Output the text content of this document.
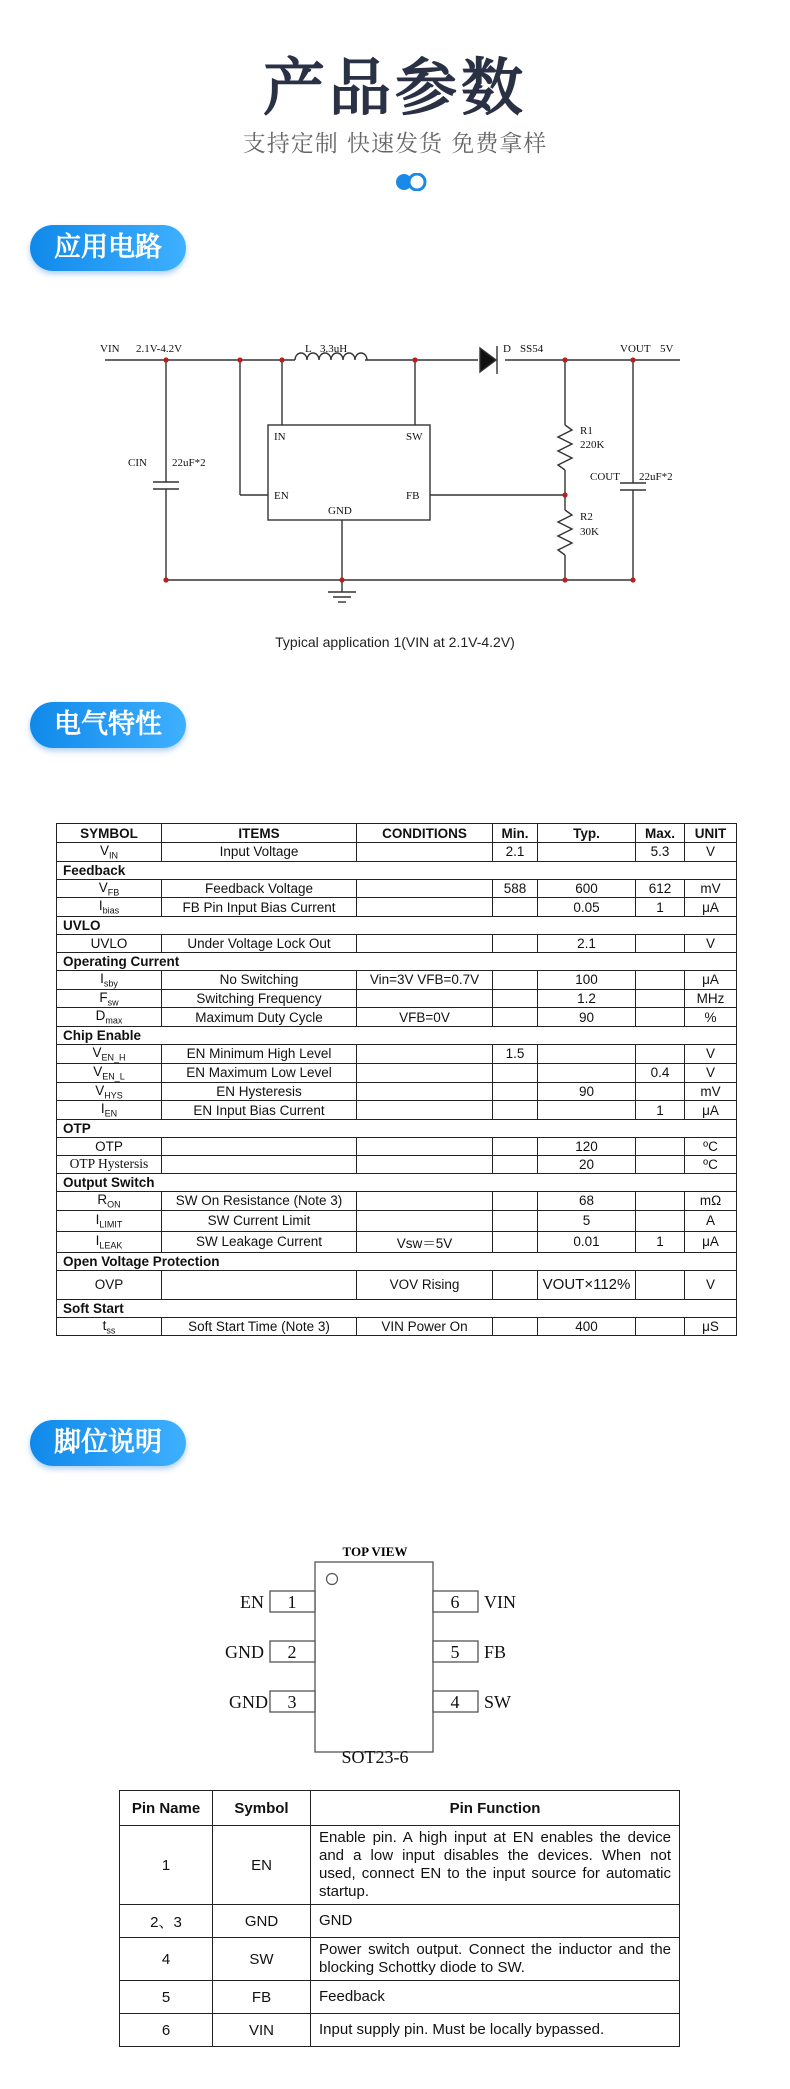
产品参数
支持定制 快速发货 免费拿样
应用电路
VIN 2.1V-4.2V	L 3.3uH	D SS54	VOUT 5V
IN	SW
EN	FB
GND
CIN 22uF*2
R1
220K
R2
30K
COUT 22uF*2
Typical application 1(VIN at 2.1V-4.2V)
电气特性
SYMBOL	ITEMS	CONDITIONS	Min.	Typ.	Max.	UNIT
$V_{IN}$	Input Voltage		2.1		5.3	V
Feedback						
$V_{FB}$	Feedback Voltage		588	600	612	mV
$I_{bias}$	FB Pin Input Bias Current			0.05	1	μA
UVLO						
UVLO	Under Voltage Lock Out			2.1		V
Operating Current						
$I_{sby}$	No Switching	Vin=3V VFB=0.7V		100		μA
$F_{sw}$	Switching Frequency			1.2		MHz
$D_{max}$	Maximum Duty Cycle	VFB=0V		90		%
Chip Enable						
$V_{EN\_H}$	EN Minimum High Level		1.5			V
$V_{EN\_L}$	EN Maximum Low Level				0.4	V
$V_{HYS}$	EN Hysteresis			90		mV
$I_{EN}$	EN Input Bias Current				1	μA
OTP						
OTP				120		ºC
OTP Hystersis				20		ºC
Output Switch						
$R_{ON}$	SW On Resistance (Note 3)			68		mΩ
$I_{LIMIT}$	SW Current Limit			5		A
$I_{LEAK}$	SW Leakage Current	Vsw＝5V		0.01	1	μA
Open Voltage Protection						
OVP		VOV Rising		VOUT×112%		V
Soft Start						
$t_{ss}$	Soft Start Time (Note 3)	VIN Power On		400		μS
脚位说明
TOP VIEW
EN 1
GND 2
GND 3
6 VIN
5 FB
4 SW
SOT23-6
Pin Name	Symbol	Pin Function
1	EN	Enable pin. A high input at EN enables the device and a low input disables the devices. When not used, connect EN to the input source for automatic startup.
2、3	GND	GND
4	SW	Power switch output. Connect the inductor and the blocking Schottky diode to SW.
5	FB	Feedback
6	VIN	Input supply pin. Must be locally bypassed.
